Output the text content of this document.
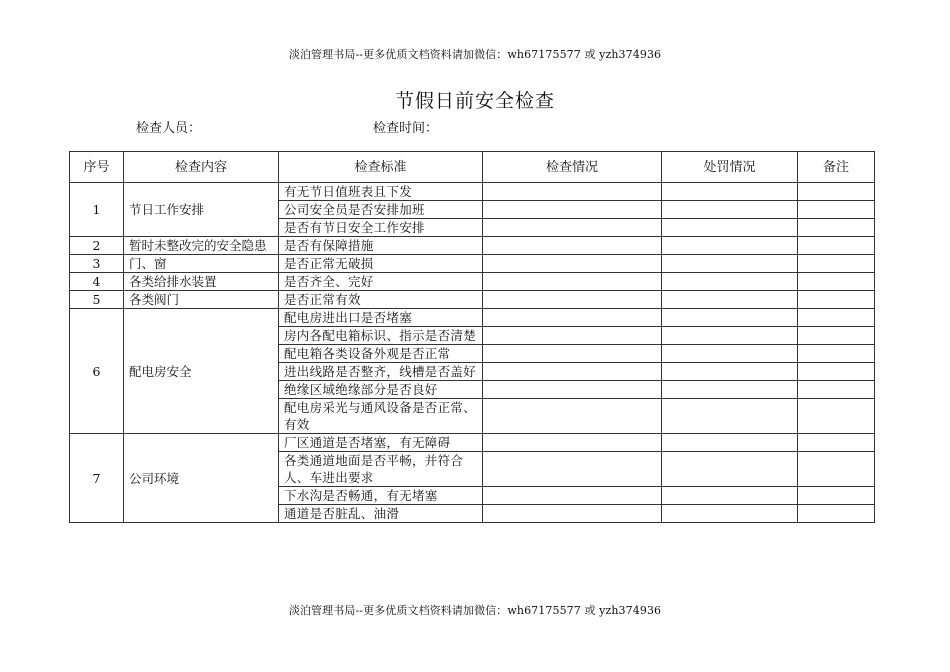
淡泊管理书局--更多优质文档资料请加微信：wh67175577 或 yzh374936
节假日前安全检查
检查人员：	检查时间：
序号	检查内容	检查标准	检查情况	处罚情况	备注
1	节日工作安排	有无节日值班表且下发			
		公司安全员是否安排加班			
		是否有节日安全工作安排			
2	暂时未整改完的安全隐患	是否有保障措施			
3	门、窗	是否正常无破损			
4	各类给排水装置	是否齐全、完好			
5	各类阀门	是否正常有效			
6	配电房安全	配电房进出口是否堵塞			
		房内各配电箱标识、指示是否清楚			
		配电箱各类设备外观是否正常			
		进出线路是否整齐，线槽是否盖好			
		绝缘区域绝缘部分是否良好			
		配电房采光与通风设备是否正常、有效			
7	公司环境	厂区通道是否堵塞，有无障碍			
		各类通道地面是否平畅，并符合人、车进出要求			
		下水沟是否畅通，有无堵塞			
		通道是否脏乱、油滑			
淡泊管理书局--更多优质文档资料请加微信：wh67175577 或 yzh374936
